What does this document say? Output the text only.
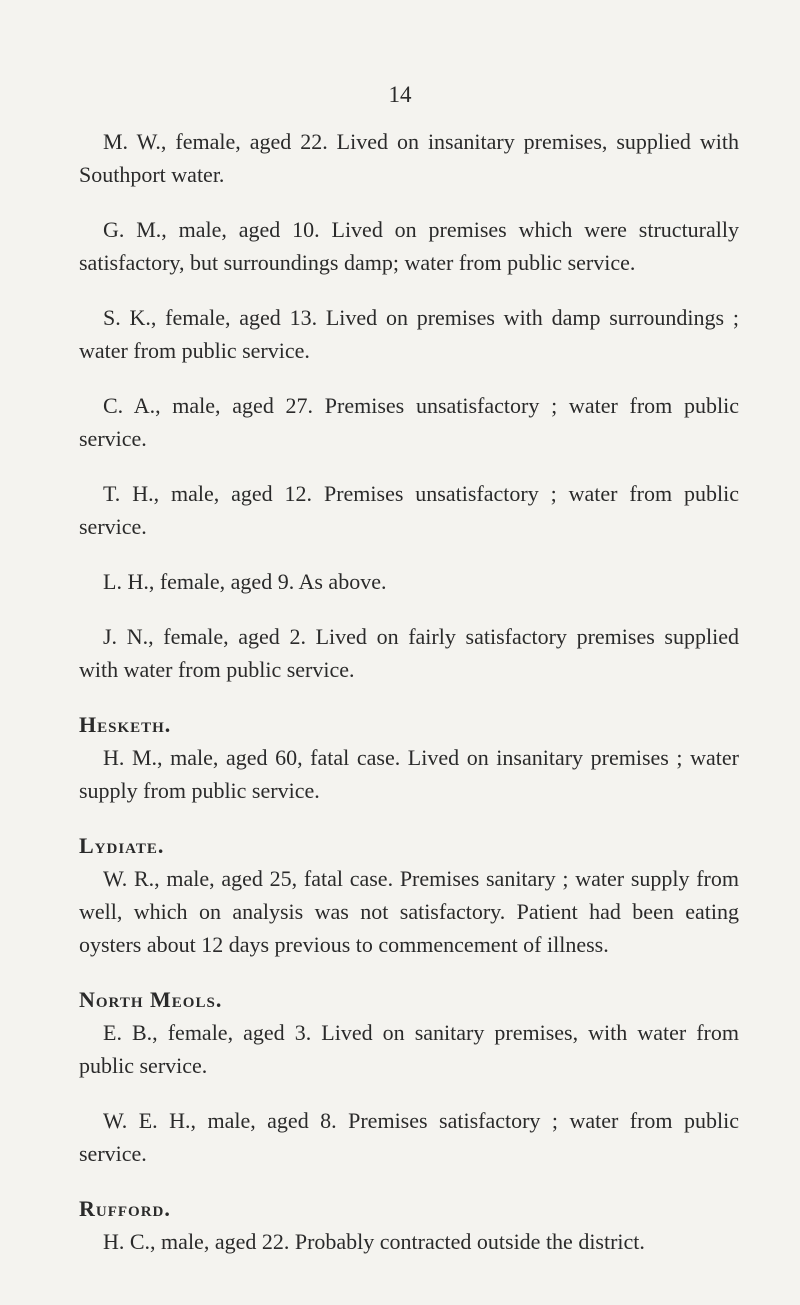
14

M. W., female, aged 22. Lived on insanitary premises, supplied with Southport water.

G. M., male, aged 10. Lived on premises which were structurally satisfactory, but surroundings damp; water from public service.

S. K., female, aged 13. Lived on premises with damp surroundings ; water from public service.

C. A., male, aged 27. Premises unsatisfactory ; water from public service.

T. H., male, aged 12. Premises unsatisfactory ; water from public service.

L. H., female, aged 9. As above.

J. N., female, aged 2. Lived on fairly satisfactory premises supplied with water from public service.

Hesketh.

H. M., male, aged 60, fatal case. Lived on insanitary premises ; water supply from public service.

Lydiate.

W. R., male, aged 25, fatal case. Premises sanitary ; water supply from well, which on analysis was not satisfactory. Patient had been eating oysters about 12 days previous to commencement of illness.

North Meols.

E. B., female, aged 3. Lived on sanitary premises, with water from public service.

W. E. H., male, aged 8. Premises satisfactory ; water from public service.

Rufford.

H. C., male, aged 22. Probably contracted outside the district.
